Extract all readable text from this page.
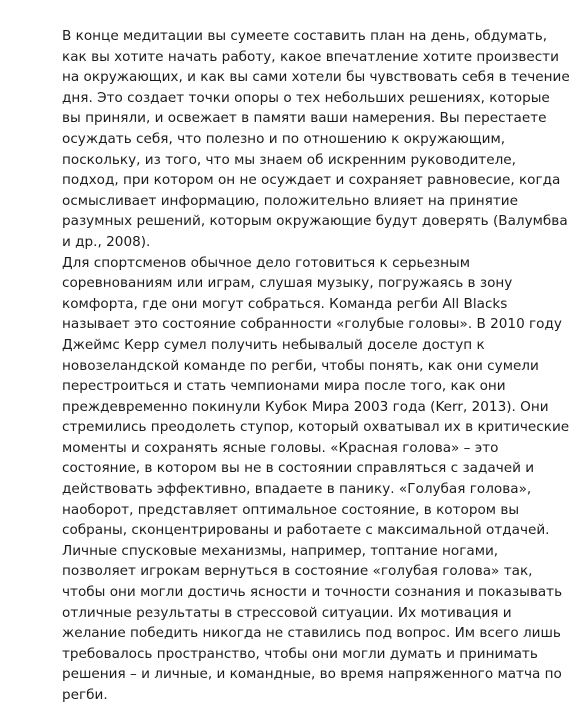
В конце медитации вы сумеете составить план на день, обдумать,
как вы хотите начать работу, какое впечатление хотите произвести
на окружающих, и как вы сами хотели бы чувствовать себя в течение
дня. Это создает точки опоры о тех небольших решениях, которые
вы приняли, и освежает в памяти ваши намерения. Вы перестаете
осуждать себя, что полезно и по отношению к окружающим,
поскольку, из того, что мы знаем об искренним руководителе,
подход, при котором он не осуждает и сохраняет равновесие, когда
осмысливает информацию, положительно влияет на принятие
разумных решений, которым окружающие будут доверять (Валумбва
и др., 2008).
Для спортсменов обычное дело готовиться к серьезным
соревнованиям или играм, слушая музыку, погружаясь в зону
комфорта, где они могут собраться. Команда регби All Blacks
называет это состояние собранности «голубые головы». В 2010 году
Джеймс Керр сумел получить небывалый доселе доступ к
новозеландской команде по регби, чтобы понять, как они сумели
перестроиться и стать чемпионами мира после того, как они
преждевременно покинули Кубок Мира 2003 года (Kerr, 2013). Они
стремились преодолеть ступор, который охватывал их в критические
моменты и сохранять ясные головы. «Красная голова» – это
состояние, в котором вы не в состоянии справляться с задачей и
действовать эффективно, впадаете в панику. «Голубая голова»,
наоборот, представляет оптимальное состояние, в котором вы
собраны, сконцентрированы и работаете с максимальной отдачей.
Личные спусковые механизмы, например, топтание ногами,
позволяет игрокам вернуться в состояние «голубая голова» так,
чтобы они могли достичь ясности и точности сознания и показывать
отличные результаты в стрессовой ситуации. Их мотивация и
желание победить никогда не ставились под вопрос. Им всего лишь
требовалось пространство, чтобы они могли думать и принимать
решения – и личные, и командные, во время напряженного матча по
регби.
